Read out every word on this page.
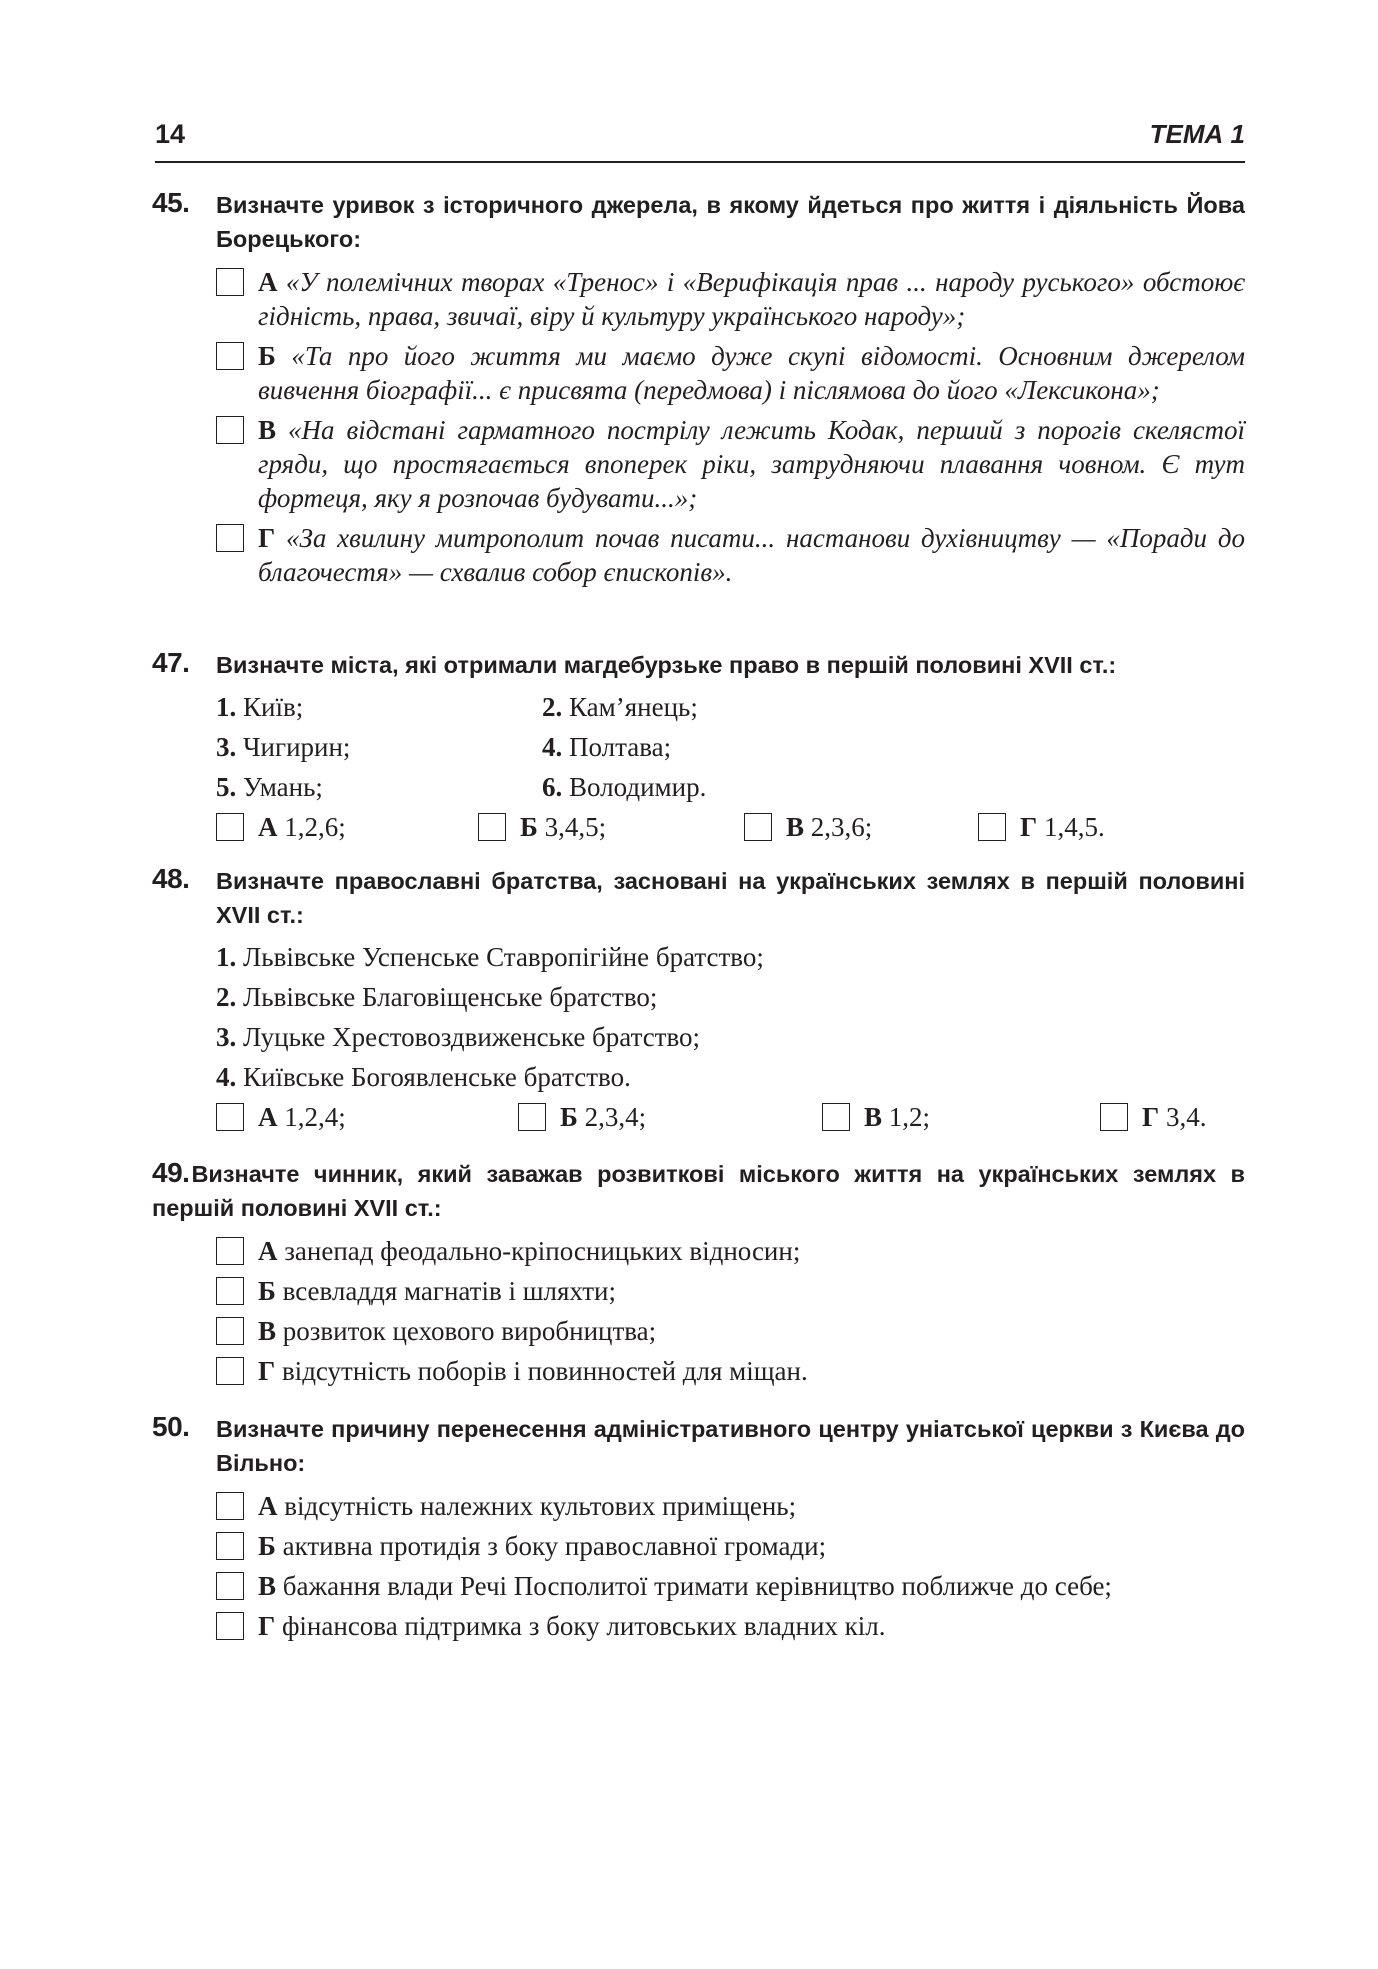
14	ТЕМА 1
45. Визначте уривок з історичного джерела, в якому йдеться про життя і діяльність Йова Борецького:
А «У полемічних творах «Тренос» і «Верифікація прав ... народу руського» обстоює гідність, права, звичаї, віру й культуру українського народу»;
Б «Та про його життя ми маємо дуже скупі відомості. Основним джерелом вивчення біографії... є присвята (передмова) і післямова до його «Лексикона»;
В «На відстані гарматного пострілу лежить Кодак, перший з порогів скелястої гряди, що простягається впоперек ріки, затрудняючи плавання човном. Є тут фортеця, яку я розпочав будувати...»;
Г «За хвилину митрополит почав писати... настанови духівництву — «Поради до благочестя» — схвалив собор єпископів».
47. Визначте міста, які отримали магдебурзьке право в першій половині XVII ст.:
1. Київ;	2. Кам’янець;
3. Чигирин;	4. Полтава;
5. Умань;	6. Володимир.
А 1,2,6;	Б 3,4,5;	В 2,3,6;	Г 1,4,5.
48. Визначте православні братства, засновані на українських землях в першій половині XVII ст.:
1. Львівське Успенське Ставропігійне братство;
2. Львівське Благовіщенське братство;
3. Луцьке Хрестовоздвиженське братство;
4. Київське Богоявленське братство.
А 1,2,4;	Б 2,3,4;	В 1,2;	Г 3,4.
49.Визначте чинник, який заважав розвиткові міського життя на українських землях в першій половині XVII ст.:
А занепад феодально-кріпосницьких відносин;
Б всевладдя магнатів і шляхти;
В розвиток цехового виробництва;
Г відсутність поборів і повинностей для міщан.
50. Визначте причину перенесення адміністративного центру уніатської церкви з Києва до Вільно:
А відсутність належних культових приміщень;
Б активна протидія з боку православної громади;
В бажання влади Речі Посполитої тримати керівництво поближче до себе;
Г фінансова підтримка з боку литовських владних кіл.
